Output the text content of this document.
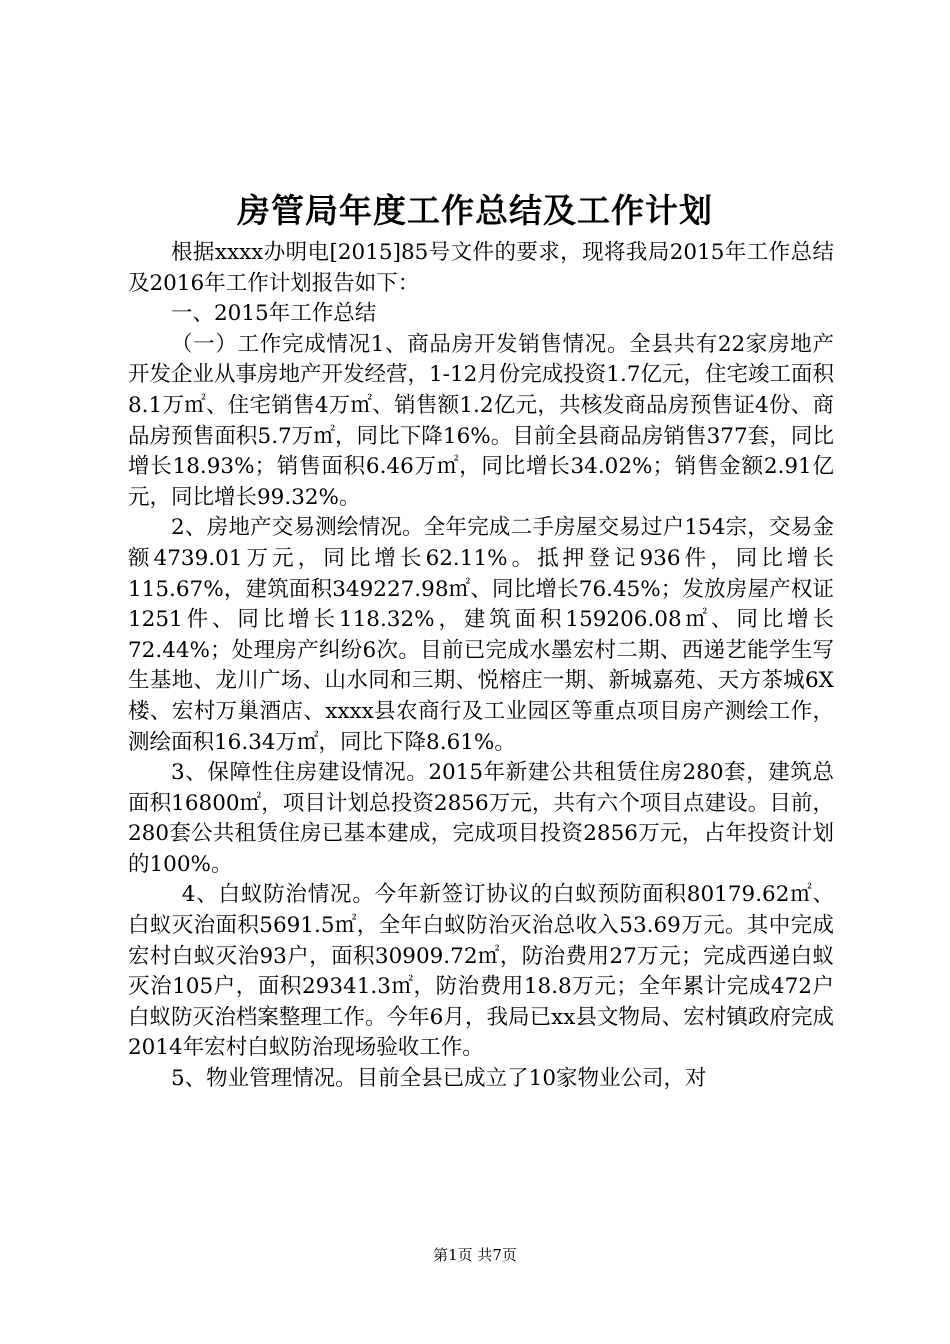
房管局年度工作总结及工作计划

根据xxxx办明电[2015]85号文件的要求，现将我局2015年工作总结及2016年工作计划报告如下：

一、2015年工作总结

（一）工作完成情况1、商品房开发销售情况。全县共有22家房地产开发企业从事房地产开发经营，1-12月份完成投资1.7亿元，住宅竣工面积8.1万㎡、住宅销售4万㎡、销售额1.2亿元，共核发商品房预售证4份、商品房预售面积5.7万㎡，同比下降16%。目前全县商品房销售377套，同比增长18.93%；销售面积6.46万㎡，同比增长34.02%；销售金额2.91亿元，同比增长99.32%。

2、房地产交易测绘情况。全年完成二手房屋交易过户154宗，交易金额4739.01万元，同比增长62.11%。抵押登记936件，同比增长115.67%，建筑面积349227.98㎡、同比增长76.45%；发放房屋产权证1251件、同比增长118.32%，建筑面积159206.08㎡、同比增长72.44%；处理房产纠纷6次。目前已完成水墨宏村二期、西递艺能学生写生基地、龙川广场、山水同和三期、悦榕庄一期、新城嘉苑、天方茶城6X楼、宏村万巢酒店、xxxx县农商行及工业园区等重点项目房产测绘工作，测绘面积16.34万㎡，同比下降8.61%。

3、保障性住房建设情况。2015年新建公共租赁住房280套，建筑总面积16800㎡，项目计划总投资2856万元，共有六个项目点建设。目前，280套公共租赁住房已基本建成，完成项目投资2856万元，占年投资计划的100%。

4、白蚁防治情况。今年新签订协议的白蚁预防面积80179.62㎡、白蚁灭治面积5691.5㎡，全年白蚁防治灭治总收入53.69万元。其中完成宏村白蚁灭治93户，面积30909.72㎡，防治费用27万元；完成西递白蚁灭治105户，面积29341.3㎡，防治费用18.8万元；全年累计完成472户白蚁防灭治档案整理工作。今年6月，我局已xx县文物局、宏村镇政府完成2014年宏村白蚁防治现场验收工作。

5、物业管理情况。目前全县已成立了10家物业公司，对

第1页 共7页
